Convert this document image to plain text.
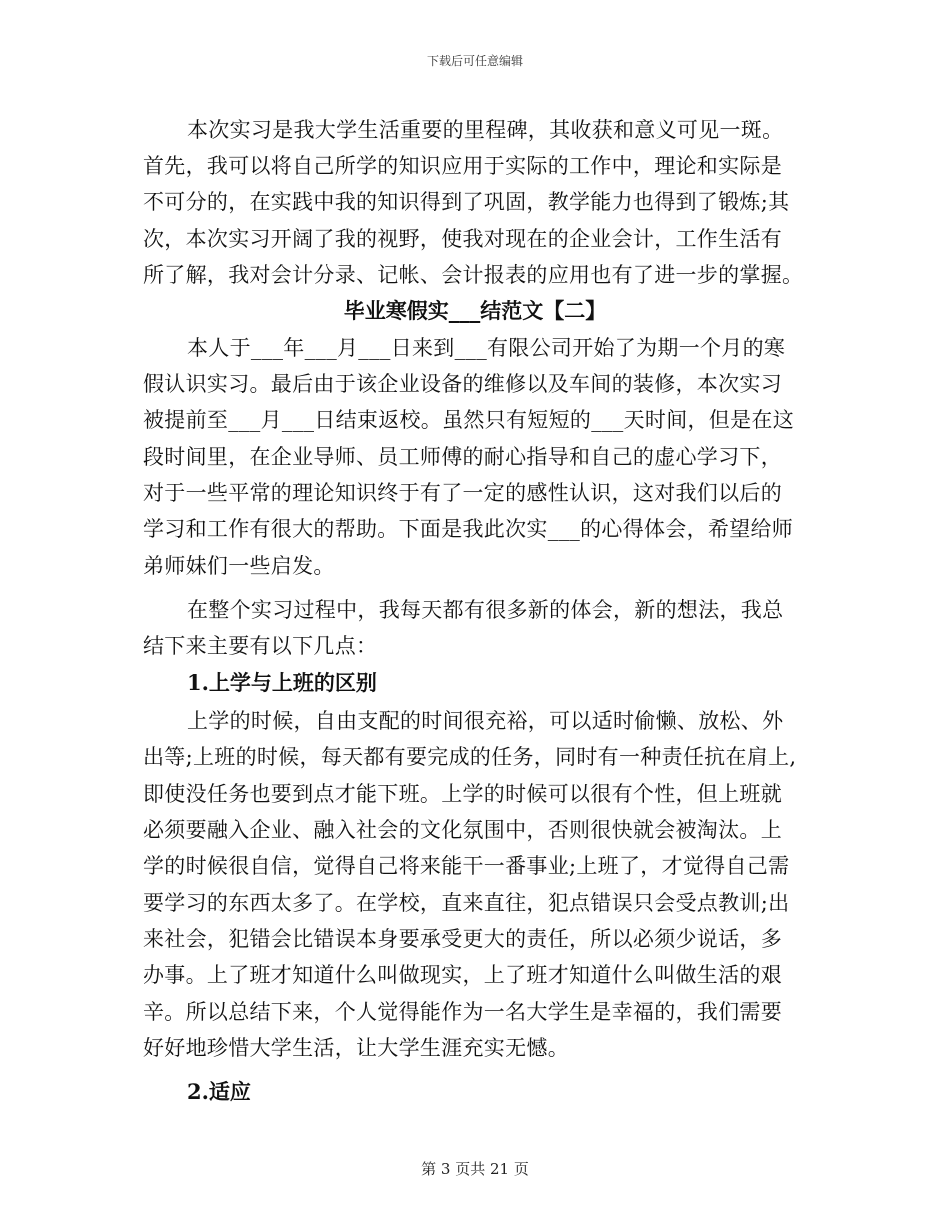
下载后可任意编辑
本次实习是我大学生活重要的里程碑，其收获和意义可见一斑。
首先，我可以将自己所学的知识应用于实际的工作中，理论和实际是
不可分的，在实践中我的知识得到了巩固，教学能力也得到了锻炼;其
次，本次实习开阔了我的视野，使我对现在的企业会计，工作生活有
所了解，我对会计分录、记帐、会计报表的应用也有了进一步的掌握。
毕业寒假实___结范文【二】
本人于___年___月___日来到___有限公司开始了为期一个月的寒
假认识实习。最后由于该企业设备的维修以及车间的装修，本次实习
被提前至___月___日结束返校。虽然只有短短的___天时间，但是在这
段时间里，在企业导师、员工师傅的耐心指导和自己的虚心学习下，
对于一些平常的理论知识终于有了一定的感性认识，这对我们以后的
学习和工作有很大的帮助。下面是我此次实___的心得体会，希望给师
弟师妹们一些启发。
在整个实习过程中，我每天都有很多新的体会，新的想法，我总
结下来主要有以下几点：
1.上学与上班的区别
上学的时候，自由支配的时间很充裕，可以适时偷懒、放松、外
出等;上班的时候，每天都有要完成的任务，同时有一种责任抗在肩上,
即使没任务也要到点才能下班。上学的时候可以很有个性，但上班就
必须要融入企业、融入社会的文化氛围中，否则很快就会被淘汰。上
学的时候很自信，觉得自己将来能干一番事业;上班了，才觉得自己需
要学习的东西太多了。在学校，直来直往，犯点错误只会受点教训;出
来社会，犯错会比错误本身要承受更大的责任，所以必须少说话，多
办事。上了班才知道什么叫做现实，上了班才知道什么叫做生活的艰
辛。所以总结下来，个人觉得能作为一名大学生是幸福的，我们需要
好好地珍惜大学生活，让大学生涯充实无憾。
2.适应
第 3 页共 21 页
